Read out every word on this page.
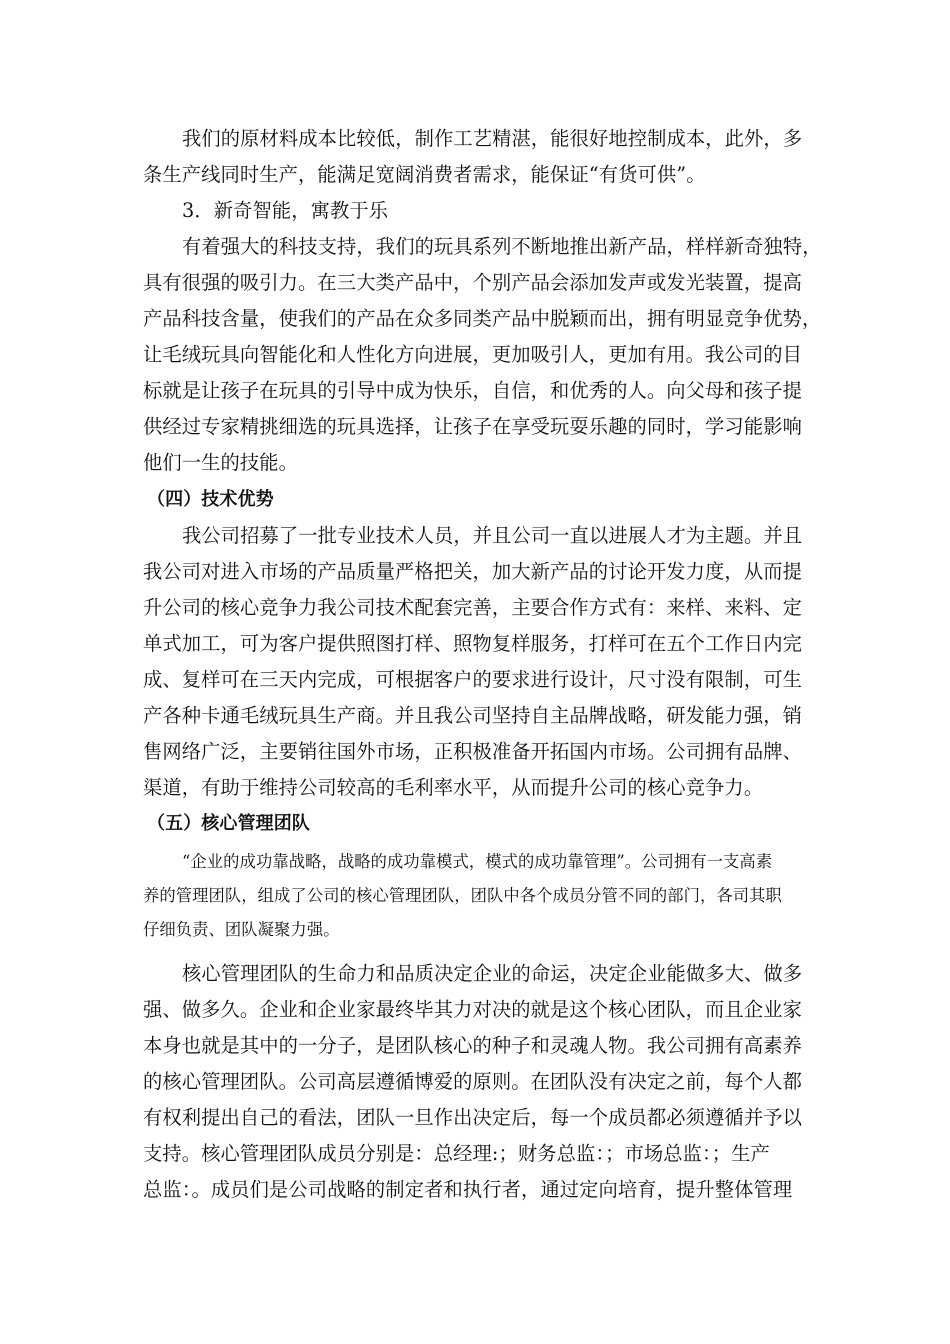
我们的原材料成本比较低，制作工艺精湛，能很好地控制成本，此外，多
条生产线同时生产，能满足宽阔消费者需求，能保证“有货可供”。
3．新奇智能，寓教于乐
有着强大的科技支持，我们的玩具系列不断地推出新产品，样样新奇独特，
具有很强的吸引力。在三大类产品中，个别产品会添加发声或发光装置，提高
产品科技含量，使我们的产品在众多同类产品中脱颖而出，拥有明显竞争优势，
让毛绒玩具向智能化和人性化方向进展，更加吸引人，更加有用。我公司的目
标就是让孩子在玩具的引导中成为快乐，自信，和优秀的人。向父母和孩子提
供经过专家精挑细选的玩具选择，让孩子在享受玩耍乐趣的同时，学习能影响
他们一生的技能。
（四）技术优势
我公司招募了一批专业技术人员，并且公司一直以进展人才为主题。并且
我公司对进入市场的产品质量严格把关，加大新产品的讨论开发力度，从而提
升公司的核心竞争力我公司技术配套完善，主要合作方式有：来样、来料、定
单式加工，可为客户提供照图打样、照物复样服务，打样可在五个工作日内完
成、复样可在三天内完成，可根据客户的要求进行设计，尺寸没有限制，可生
产各种卡通毛绒玩具生产商。并且我公司坚持自主品牌战略，研发能力强，销
售网络广泛，主要销往国外市场，正积极准备开拓国内市场。公司拥有品牌、
渠道，有助于维持公司较高的毛利率水平，从而提升公司的核心竞争力。
（五）核心管理团队
“企业的成功靠战略，战略的成功靠模式，模式的成功靠管理”。公司拥有一支高素
养的管理团队，组成了公司的核心管理团队，团队中各个成员分管不同的部门，各司其职
仔细负责、团队凝聚力强。
核心管理团队的生命力和品质决定企业的命运，决定企业能做多大、做多
强、做多久。企业和企业家最终毕其力对决的就是这个核心团队，而且企业家
本身也就是其中的一分子，是团队核心的种子和灵魂人物。我公司拥有高素养
的核心管理团队。公司高层遵循博爱的原则。在团队没有决定之前，每个人都
有权利提出自己的看法，团队一旦作出决定后，每一个成员都必须遵循并予以
支持。核心管理团队成员分别是：总经理:；财务总监：；市场总监：；生产
总监：。成员们是公司战略的制定者和执行者，通过定向培育，提升整体管理
